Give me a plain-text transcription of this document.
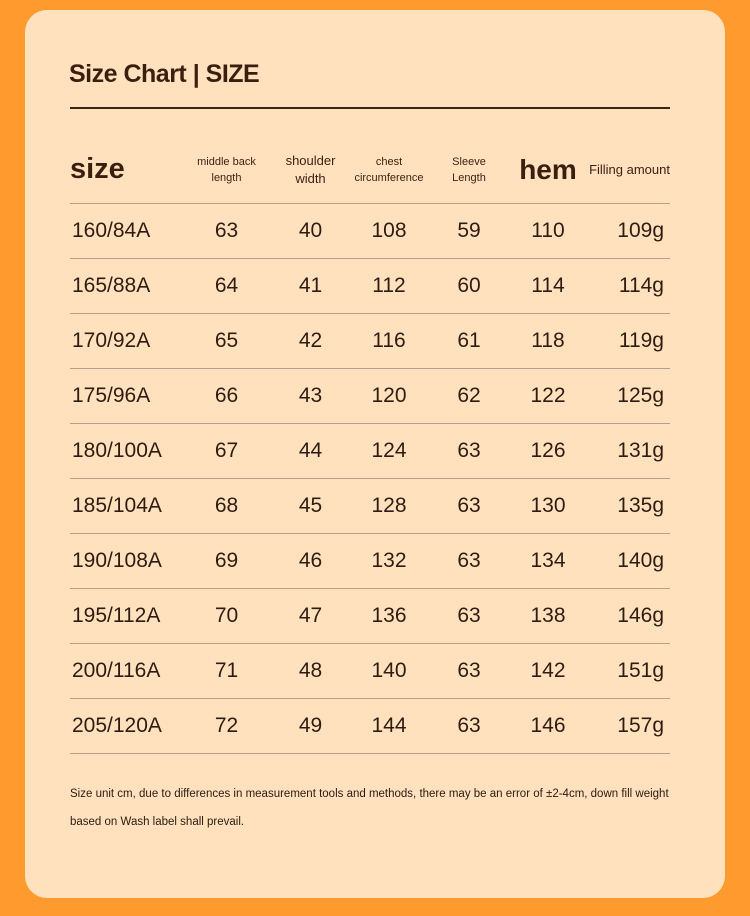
Size Chart | SIZE
size	middle back length	shoulder width	chest circumference	Sleeve Length	hem	Filling amount
160/84A	63	40	108	59	110	109g
165/88A	64	41	112	60	114	114g
170/92A	65	42	116	61	118	119g
175/96A	66	43	120	62	122	125g
180/100A	67	44	124	63	126	131g
185/104A	68	45	128	63	130	135g
190/108A	69	46	132	63	134	140g
195/112A	70	47	136	63	138	146g
200/116A	71	48	140	63	142	151g
205/120A	72	49	144	63	146	157g
Size unit cm, due to differences in measurement tools and methods, there may be an error of ±2-4cm, down fill weight based on Wash label shall prevail.
